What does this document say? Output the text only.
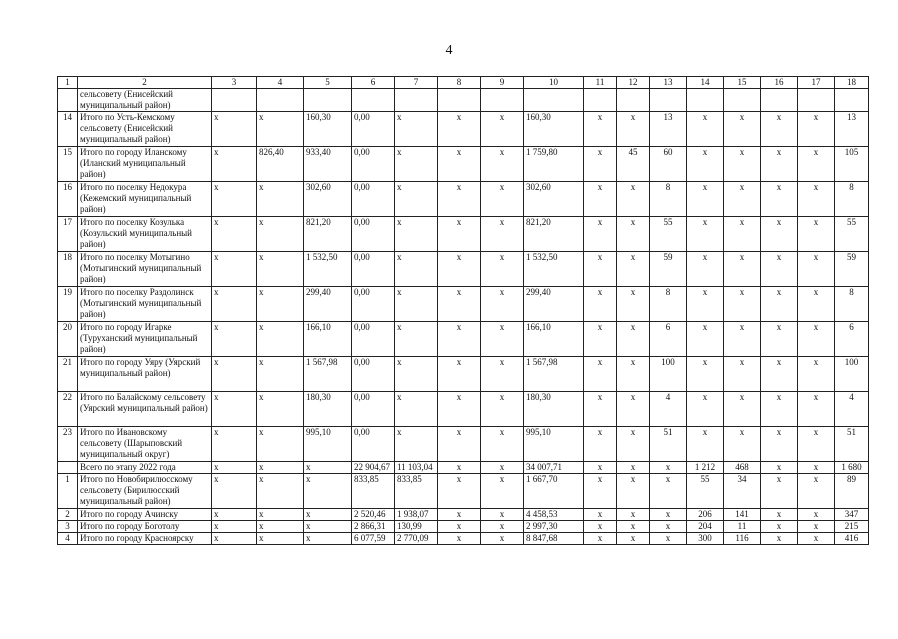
4
1	2	3	4	5	6	7	8	9	10	11	12	13	14	15	16	17	18
	сельсовету (Енисейский муниципальный район)																
14	Итого по Усть-Кемскому сельсовету (Енисейский муниципальный район)	x	x	160,30	0,00	x	x	x	160,30	x	x	13	x	x	x	x	13
15	Итого по городу Иланскому (Иланский муниципальный район)	x	826,40	933,40	0,00	x	x	x	1 759,80	x	45	60	x	x	x	x	105
16	Итого по поселку Недокура (Кежемский муниципальный район)	x	x	302,60	0,00	x	x	x	302,60	x	x	8	x	x	x	x	8
17	Итого по поселку Козулька (Козульский муниципальный район)	x	x	821,20	0,00	x	x	x	821,20	x	x	55	x	x	x	x	55
18	Итого по поселку Мотыгино (Мотыгинский муниципальный район)	x	x	1 532,50	0,00	x	x	x	1 532,50	x	x	59	x	x	x	x	59
19	Итого по поселку Раздолинск (Мотыгинский муниципальный район)	x	x	299,40	0,00	x	x	x	299,40	x	x	8	x	x	x	x	8
20	Итого по городу Игарке (Туруханский муниципальный район)	x	x	166,10	0,00	x	x	x	166,10	x	x	6	x	x	x	x	6
21	Итого по городу Уяру (Уярский муниципальный район)	x	x	1 567,98	0,00	x	x	x	1 567,98	x	x	100	x	x	x	x	100
22	Итого по Балайскому сельсовету (Уярский муниципальный район)	x	x	180,30	0,00	x	x	x	180,30	x	x	4	x	x	x	x	4
23	Итого по Ивановскому сельсовету (Шарыповский муниципальный округ)	x	x	995,10	0,00	x	x	x	995,10	x	x	51	x	x	x	x	51
	Всего по этапу 2022 года	x	x	x	22 904,67	11 103,04	x	x	34 007,71	x	x	x	1 212	468	x	x	1 680
1	Итого по Новобирилюсскому сельсовету (Бирилюсский муниципальный район)	x	x	x	833,85	833,85	x	x	1 667,70	x	x	x	55	34	x	x	89
2	Итого по городу Ачинску	x	x	x	2 520,46	1 938,07	x	x	4 458,53	x	x	x	206	141	x	x	347
3	Итого по городу Боготолу	x	x	x	2 866,31	130,99	x	x	2 997,30	x	x	x	204	11	x	x	215
4	Итого по городу Красноярску	x	x	x	6 077,59	2 770,09	x	x	8 847,68	x	x	x	300	116	x	x	416
